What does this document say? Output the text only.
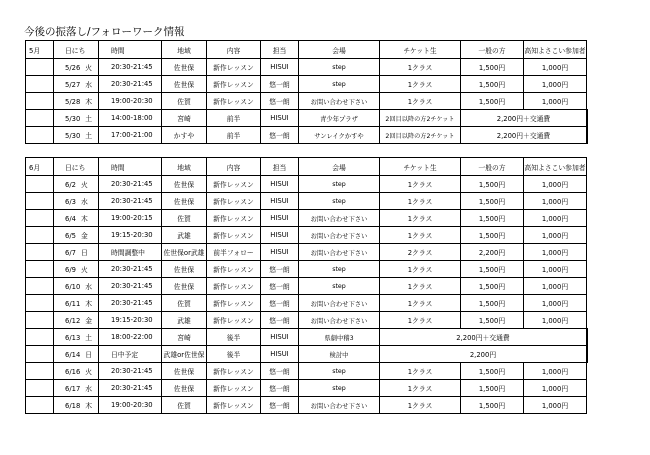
今後の振落し/フォローワーク情報
5月	日にち	時間	地域	内容	担当	会場	チケット生	一般の方	高知よさこい参加者	
	5/26 火	20:30-21:45	佐世保	新作レッスン	HISUI	step	1クラス	1,500円	1,000円	
	5/27 水	20:30-21:45	佐世保	新作レッスン	悠一朗	step	1クラス	1,500円	1,000円	
	5/28 木	19:00-20:30	佐賀	新作レッスン	悠一朗	お問い合わせ下さい	1クラス	1,500円	1,000円	
	5/30 土	14:00-18:00	宮崎	前半	HISUI	青少年プラザ	2回目以降の方2チケット	2,200円＋交通費		
	5/30 土	17:00-21:00	かすや	前半	悠一朗	サンレイクかすや	2回目以降の方2チケット	2,200円＋交通費		
6月	日にち	時間	地域	内容	担当	会場	チケット生	一般の方	高知よさこい参加者	
	6/2 火	20:30-21:45	佐世保	新作レッスン	HISUI	step	1クラス	1,500円	1,000円	
	6/3 水	20:30-21:45	佐世保	新作レッスン	HISUI	step	1クラス	1,500円	1,000円	
	6/4 木	19:00-20:15	佐賀	新作レッスン	HISUI	お問い合わせ下さい	1クラス	1,500円	1,000円	
	6/5 金	19:15-20:30	武雄	新作レッスン	HISUI	お問い合わせ下さい	1クラス	1,500円	1,000円	
	6/7 日	時間調整中	佐世保or武雄	前半フォロー	HISUI	お問い合わせ下さい	2クラス	2,200円	1,000円	
	6/9 火	20:30-21:45	佐世保	新作レッスン	悠一朗	step	1クラス	1,500円	1,000円	
	6/10 水	20:30-21:45	佐世保	新作レッスン	悠一朗	step	1クラス	1,500円	1,000円	
	6/11 木	20:30-21:45	佐賀	新作レッスン	悠一朗	お問い合わせ下さい	1クラス	1,500円	1,000円	
	6/12 金	19:15-20:30	武雄	新作レッスン	悠一朗	お問い合わせ下さい	1クラス	1,500円	1,000円	
	6/13 土	18:00-22:00	宮崎	後半	HISUI	県劇中稽3	2,200円＋交通費			
	6/14 日	日中予定	武雄or佐世保	後半	HISUI	検討中	2,200円			
	6/16 火	20:30-21:45	佐世保	新作レッスン	悠一朗	step	1クラス	1,500円	1,000円	
	6/17 水	20:30-21:45	佐世保	新作レッスン	悠一朗	step	1クラス	1,500円	1,000円	
	6/18 木	19:00-20:30	佐賀	新作レッスン	悠一朗	お問い合わせ下さい	1クラス	1,500円	1,000円	
